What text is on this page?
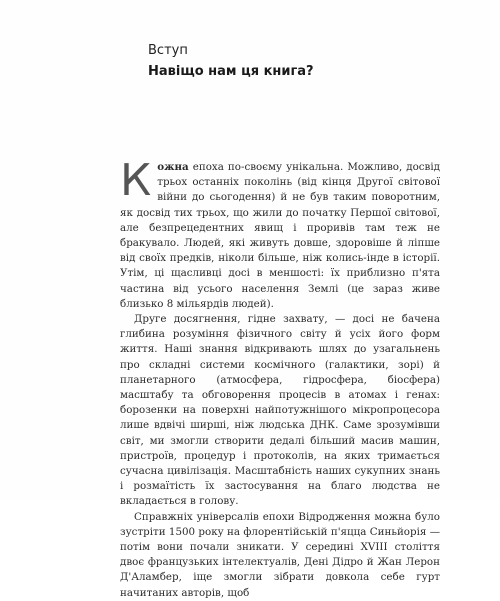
Вступ
Навіщо нам ця книга?

Кожна епоха по-своєму унікальна. Можливо, досвід трьох останніх поколінь (від кінця Другої світової війни до сьогодення) й не був таким поворотним, як досвід тих трьох, що жили до початку Першої світової, але безпрецедентних явищ і проривів там теж не бракувало. Людей, які живуть довше, здоровіше й ліпше від своїх предків, ніколи більше, ніж колись-інде в історії. Утім, ці щасливці досі в меншості: їх приблизно п'ята частина від усього населення Землі (це зараз живе близько 8 мільярдів людей).

Друге досягнення, гідне захвату, — досі не бачена глибина розуміння фізичного світу й усіх його форм життя. Наші знання відкривають шлях до узагальнень про складні системи космічного (галактики, зорі) й планетарного (атмосфера, гідросфера, біосфера) масштабу та обговорення процесів в атомах і генах: борозенки на поверхні найпотужнішого мікропроцесора лише вдвічі ширші, ніж людська ДНК. Саме зрозумівши світ, ми змогли створити дедалі більший масив машин, пристроїв, процедур і протоколів, на яких тримається сучасна цивілізація. Масштабність наших сукупних знань і розмаїтість їх застосування на благо людства не вкладається в голову.

Справжніх універсалів епохи Відродження можна було зустріти 1500 року на флорентійській п'яцца Синьйорія — потім вони почали зникати. У середині XVIII століття двоє французьких інтелектуалів, Дені Дідро й Жан Лерон Д'Аламбер, іще змогли зібрати довкола себе гурт начитаних авторів, щоб
